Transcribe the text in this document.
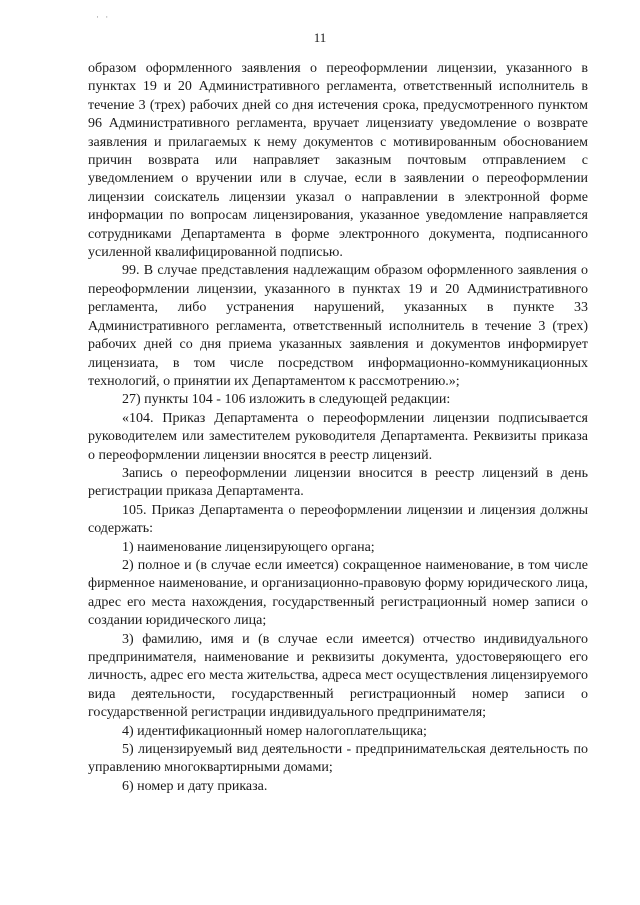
· ·
11

образом оформленного заявления о переоформлении лицензии, указанного в пунктах 19 и 20 Административного регламента, ответственный исполнитель в течение 3 (трех) рабочих дней со дня истечения срока, предусмотренного пунктом 96 Административного регламента, вручает лицензиату уведомление о возврате заявления и прилагаемых к нему документов с мотивированным обоснованием причин возврата или направляет заказным почтовым отправлением с уведомлением о вручении или в случае, если в заявлении о переоформлении лицензии соискатель лицензии указал о направлении в электронной форме информации по вопросам лицензирования, указанное уведомление направляется сотрудниками Департамента в форме электронного документа, подписанного усиленной квалифицированной подписью.

99. В случае представления надлежащим образом оформленного заявления о переоформлении лицензии, указанного в пунктах 19 и 20 Административного регламента, либо устранения нарушений, указанных в пункте 33 Административного регламента, ответственный исполнитель в течение 3 (трех) рабочих дней со дня приема указанных заявления и документов информирует лицензиата, в том числе посредством информационно-коммуникационных технологий, о принятии их Департаментом к рассмотрению.»;

27) пункты 104 - 106 изложить в следующей редакции:

«104. Приказ Департамента о переоформлении лицензии подписывается руководителем или заместителем руководителя Департамента. Реквизиты приказа о переоформлении лицензии вносятся в реестр лицензий.

Запись о переоформлении лицензии вносится в реестр лицензий в день регистрации приказа Департамента.

105. Приказ Департамента о переоформлении лицензии и лицензия должны содержать:

1) наименование лицензирующего органа;

2) полное и (в случае если имеется) сокращенное наименование, в том числе фирменное наименование, и организационно-правовую форму юридического лица, адрес его места нахождения, государственный регистрационный номер записи о создании юридического лица;

3) фамилию, имя и (в случае если имеется) отчество индивидуального предпринимателя, наименование и реквизиты документа, удостоверяющего его личность, адрес его места жительства, адреса мест осуществления лицензируемого вида деятельности, государственный регистрационный номер записи о государственной регистрации индивидуального предпринимателя;

4) идентификационный номер налогоплательщика;

5) лицензируемый вид деятельности - предпринимательская деятельность по управлению многоквартирными домами;

6) номер и дату приказа.
